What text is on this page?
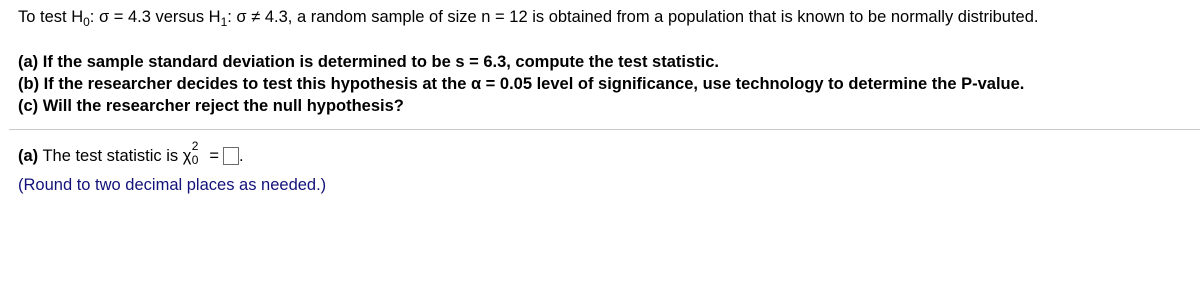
To test $H_0$: σ = 4.3 versus $H_1$: σ ≠ 4.3, a random sample of size n = 12 is obtained from a population that is known to be normally distributed.
(a) If the sample standard deviation is determined to be s = 6.3, compute the test statistic.
(b) If the researcher decides to test this hypothesis at the α = 0.05 level of significance, use technology to determine the P-value.
(c) Will the researcher reject the null hypothesis?
(a) The test statistic is χ
2
0 = .
(Round to two decimal places as needed.)
